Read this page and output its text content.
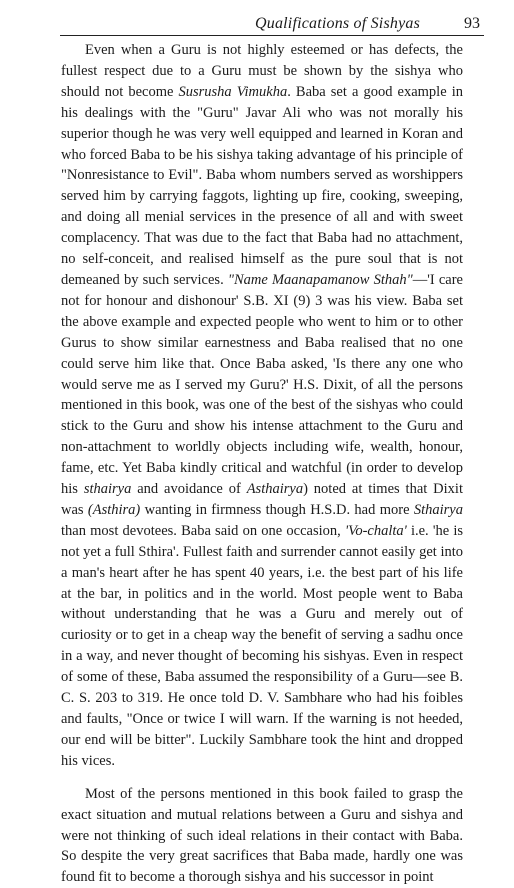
Qualifications of Sishyas	93

Even when a Guru is not highly esteemed or has defects, the fullest respect due to a Guru must be shown by the sishya who should not become Susrusha Vimukha. Baba set a good example in his dealings with the "Guru" Javar Ali who was not morally his superior though he was very well equipped and learned in Koran and who forced Baba to be his sishya taking advantage of his principle of "Nonresistance to Evil". Baba whom numbers served as worshippers served him by carrying faggots, lighting up fire, cooking, sweeping, and doing all menial services in the presence of all and with sweet complacency. That was due to the fact that Baba had no attachment, no self-conceit, and realised himself as the pure soul that is not demeaned by such services. "Name Maanapamanow Sthah"—'I care not for honour and dishonour' S.B. XI (9) 3 was his view. Baba set the above example and expected people who went to him or to other Gurus to show similar earnestness and Baba realised that no one could serve him like that. Once Baba asked, 'Is there any one who would serve me as I served my Guru?' H.S. Dixit, of all the persons mentioned in this book, was one of the best of the sishyas who could stick to the Guru and show his intense attachment to the Guru and non-attachment to worldly objects including wife, wealth, honour, fame, etc. Yet Baba kindly critical and watchful (in order to develop his sthairya and avoidance of Asthairya) noted at times that Dixit was (Asthira) wanting in firmness though H.S.D. had more Sthairya than most devotees. Baba said on one occasion, 'Vo-chalta' i.e. 'he is not yet a full Sthira'. Fullest faith and surrender cannot easily get into a man's heart after he has spent 40 years, i.e. the best part of his life at the bar, in politics and in the world. Most people went to Baba without understanding that he was a Guru and merely out of curiosity or to get in a cheap way the benefit of serving a sadhu once in a way, and never thought of becoming his sishyas. Even in respect of some of these, Baba assumed the responsibility of a Guru—see B. C. S. 203 to 319. He once told D. V. Sambhare who had his foibles and faults, "Once or twice I will warn. If the warning is not heeded, our end will be bitter". Luckily Sambhare took the hint and dropped his vices.

Most of the persons mentioned in this book failed to grasp the exact situation and mutual relations between a Guru and sishya and were not thinking of such ideal relations in their contact with Baba. So despite the very great sacrifices that Baba made, hardly one was found fit to become a thorough sishya and his successor in point
